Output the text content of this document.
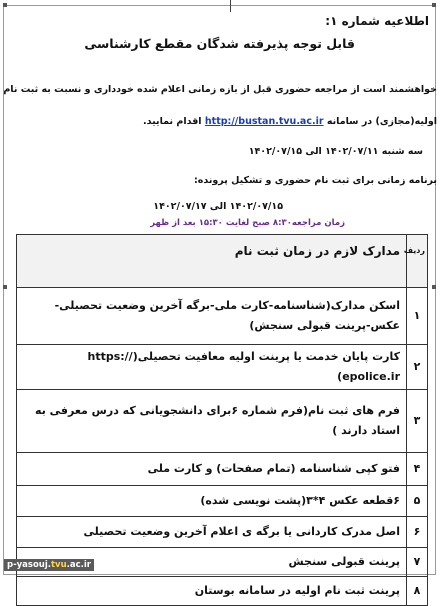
اطلاعیه شماره ۱:
قابل توجه پذیرفته شدگان مقطع کارشناسی
خواهشمند است از مراجعه حضوری قبل از بازه زمانی اعلام شده خودداری و نسبت به ثبت نام
اولیه(مجازی) در سامانه http://bustan.tvu.ac.ir اقدام نمایید.
سه شنبه ۱۴۰۲/۰۷/۱۱ الی ۱۴۰۲/۰۷/۱۵
برنامه زمانی برای ثبت نام حضوری و تشکیل پرونده:
۱۴۰۲/۰۷/۱۵ الی ۱۴۰۲/۰۷/۱۷
زمان مراجعه۸:۳۰ صبح لغایت ۱۵:۳۰ بعد از ظهر
ردیف	مدارک لازم در زمان ثبت نام
۱	اسکن مدارک(شناسنامه-کارت ملی-برگه آخرین وضعیت تحصیلی-عکس-پرینت قبولی سنجش)
۲	کارت پایان خدمت یا پرینت اولیه معافیت تحصیلی(https:// epolice.ir)
۳	فرم های ثبت نام(فرم شماره ۶برای دانشجویانی که درس معرفی به استاد دارند )
۴	فتو کپی شناسنامه (تمام صفحات) و کارت ملی
۵	۶قطعه عکس ۴*۳(پشت نویسی شده)
۶	اصل مدرک کاردانی یا برگه ی اعلام آخرین وضعیت تحصیلی
۷	پرینت قبولی سنجش
۸	پرینت ثبت نام اولیه در سامانه بوستان
p-yasouj.tvu.ac.ir
